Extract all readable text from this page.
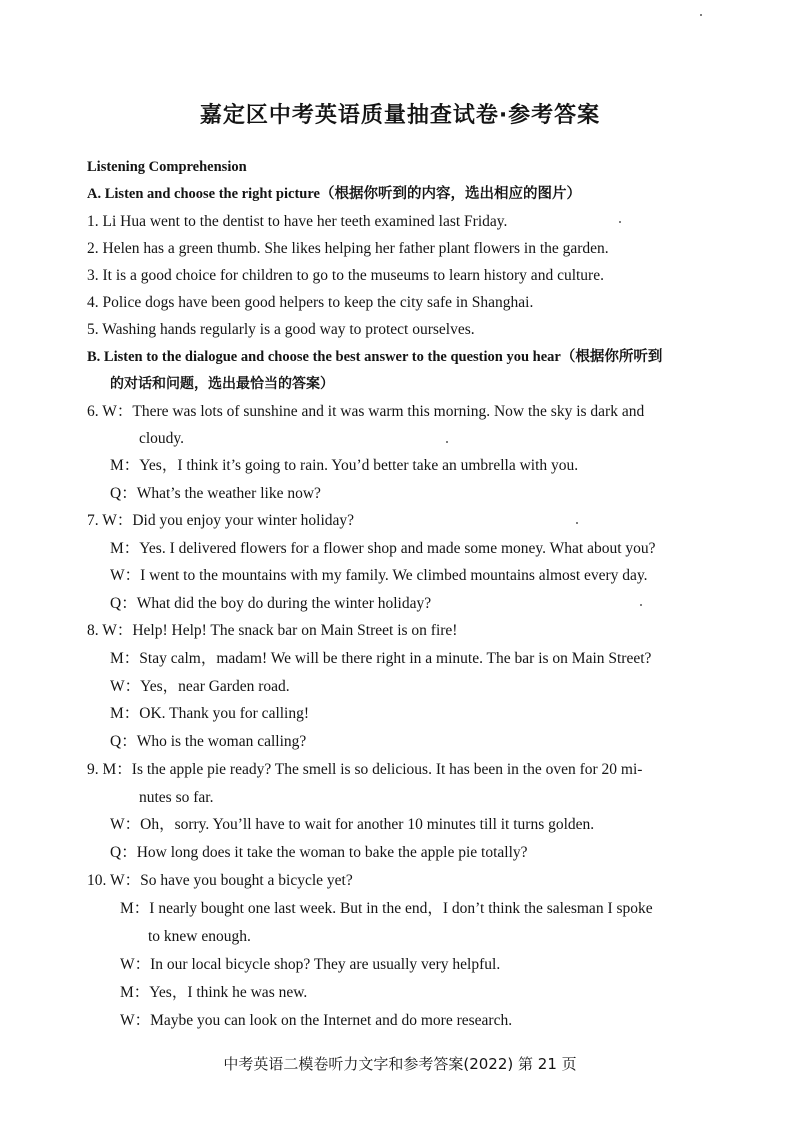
嘉定区中考英语质量抽查试卷·参考答案
Listening Comprehension
A. Listen and choose the right picture（根据你听到的内容，选出相应的图片）
1. Li Hua went to the dentist to have her teeth examined last Friday.
2. Helen has a green thumb. She likes helping her father plant flowers in the garden.
3. It is a good choice for children to go to the museums to learn history and culture.
4. Police dogs have been good helpers to keep the city safe in Shanghai.
5. Washing hands regularly is a good way to protect ourselves.
B. Listen to the dialogue and choose the best answer to the question you hear（根据你所听到
的对话和问题，选出最恰当的答案）
6. W：There was lots of sunshine and it was warm this morning. Now the sky is dark and
cloudy.
M：Yes，I think it’s going to rain. You’d better take an umbrella with you.
Q：What’s the weather like now?
7. W：Did you enjoy your winter holiday?
M：Yes. I delivered flowers for a flower shop and made some money. What about you?
W：I went to the mountains with my family. We climbed mountains almost every day.
Q：What did the boy do during the winter holiday?
8. W：Help! Help! The snack bar on Main Street is on fire!
M：Stay calm，madam! We will be there right in a minute. The bar is on Main Street?
W：Yes，near Garden road.
M：OK. Thank you for calling!
Q：Who is the woman calling?
9. M：Is the apple pie ready? The smell is so delicious. It has been in the oven for 20 mi-
nutes so far.
W：Oh，sorry. You’ll have to wait for another 10 minutes till it turns golden.
Q：How long does it take the woman to bake the apple pie totally?
10. W：So have you bought a bicycle yet?
M：I nearly bought one last week. But in the end，I don’t think the salesman I spoke
to knew enough.
W：In our local bicycle shop? They are usually very helpful.
M：Yes，I think he was new.
W：Maybe you can look on the Internet and do more research.
中考英语二模卷听力文字和参考答案(2022) 第 21 页
